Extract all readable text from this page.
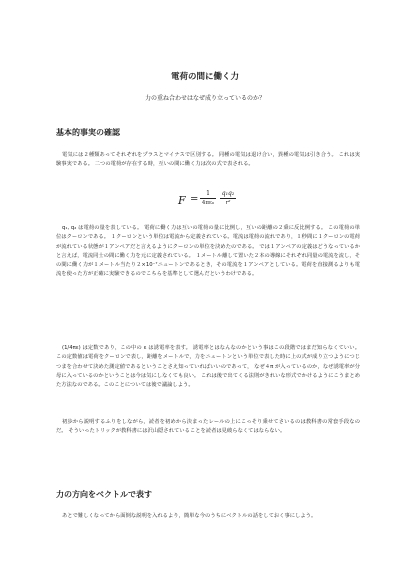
電荷の間に働く力
力の重ね合わせはなぜ成り立っているのか？
基本的事実の確認
電気には２種類あってそれぞれをプラスとマイナスで区別する。 同種の電気は退け合い，異種の電気は引き合う。 これは実験事実である。 二つの電荷が存在する時，互いの間に働く力は次の式で表される。
$F = \frac{1}{\text{4πε₀}} \frac{\text{q₁q₂}}{\text{r²}}$
q₁, q₂ は電荷の量を表している。 電荷に働く力は互いの電荷の量に比例し，互いの距離の２乗に反比例する。 この電荷の単位はクーロンである。 １クーロンという単位は電流から定義されている。電流は電荷の流れであり，１秒間に１クーロンの電荷が流れている状態が１アンペアだと言えるようにクーロンの単位を決めたのである。 では１アンペアの定義はどうなっているかと言えば，電流同士の間に働く力を元に定義されている。 １メートル離して置いた２本の導線にそれぞれ同量の電流を流し，その間に働く力が１メートル当たり２×10⁻⁷ニュートンであるとき，その電流を１アンペアとしている。電荷を直接測るよりも電流を使った方が正確に実験できるのでこちらを基準として選んだというわけである。
(1/4πε) は定数であり，この中の ε は誘電率を表す。 誘電率とはなんなのかという事はこの段階ではまだ知らなくていい。 この定数値は電荷をクーロンで表し，距離をメートルで，力をニュートンという単位で表した時に上の式が成り立つようにつじつまを合わせて決めた測定値であるということさえ知っていればいいのであって， なぜ４π が入っているのか，なぜ誘電率が分母に入っているのかということは今は気にしなくても良い。 これは後で出てくる法則がきれいな形式でかけるようにこうまとめた方法なのである。このことについては後で議論しよう。
初歩から説明するふりをしながら，読者を初めから決まったレールの上にこっそり乗せてさいるのは教科書の常套手段なのだ。 そういったトリックが教科書には沢山隠されていることを読者は見破らなくてはならない。
力の方向をベクトルで表す
あとで難しくなってから面倒な説明を入れるより，簡単な今のうちにベクトルの話をしておく事にしよう。
